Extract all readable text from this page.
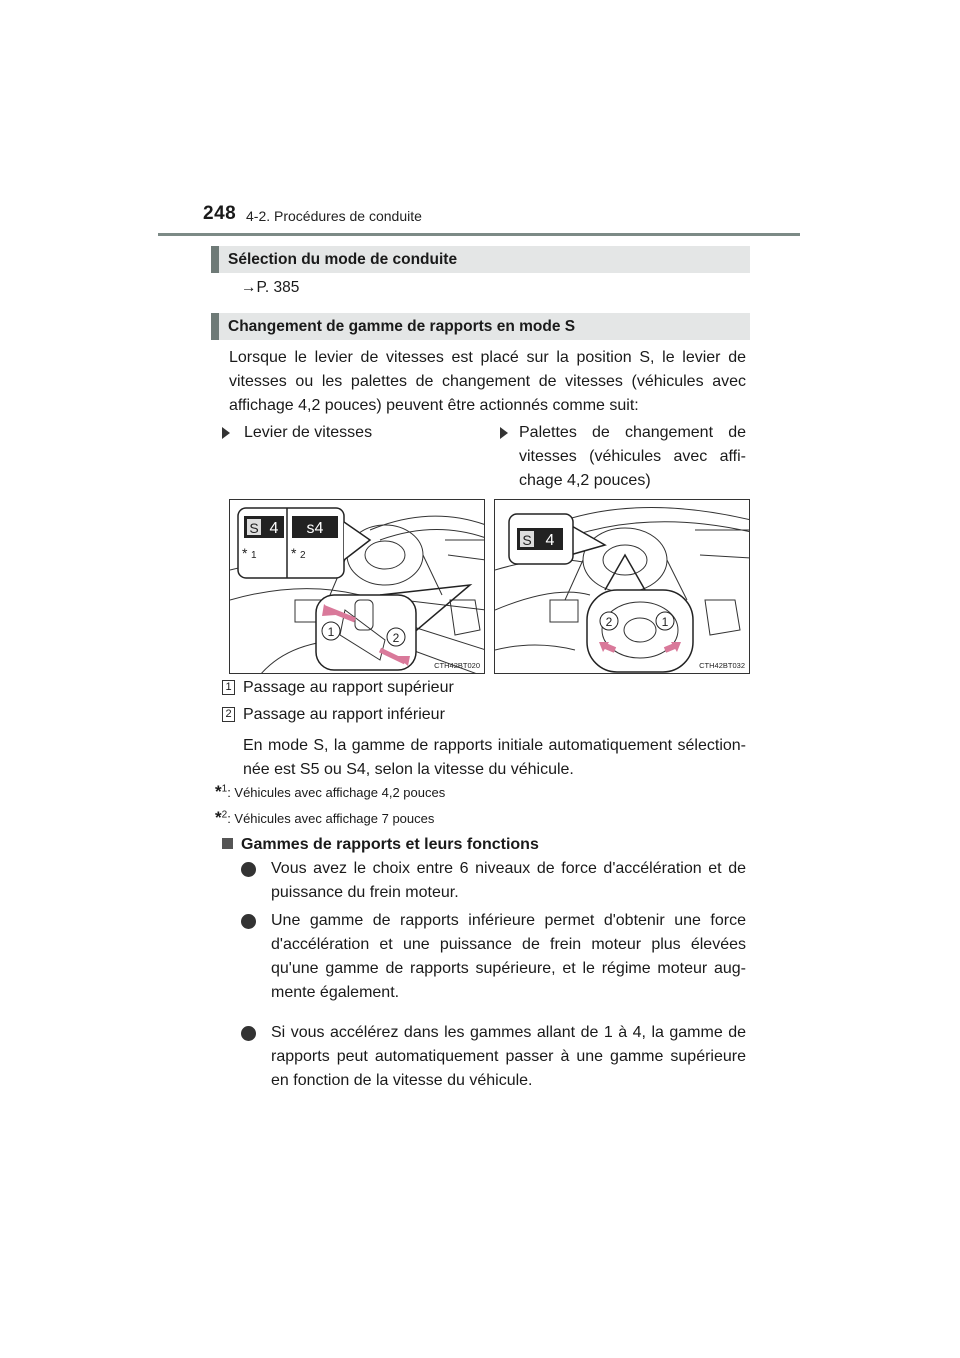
248 4-2. Procédures de conduite
Sélection du mode de conduite
→P. 385
Changement de gamme de rapports en mode S
Lorsque le levier de vitesses est placé sur la position S, le levier de vitesses ou les palettes de changement de vitesses (véhicules avec affichage 4,2 pouces) peuvent être actionnés comme suit:
Levier de vitesses	Palettes de changement de vitesses (véhicules avec affi-chage 4,2 pouces)
S 4 s4
* 1 * 2
1	2
CTH42BT020
S 4
2	1
CTH42BT032
1 Passage au rapport supérieur
2 Passage au rapport inférieur
En mode S, la gamme de rapports initiale automatiquement sélection-née est S5 ou S4, selon la vitesse du véhicule.
*$^1$: Véhicules avec affichage 4,2 pouces
*$^2$: Véhicules avec affichage 7 pouces
Gammes de rapports et leurs fonctions
Vous avez le choix entre 6 niveaux de force d'accélération et de puissance du frein moteur.
Une gamme de rapports inférieure permet d'obtenir une force d'accélération et une puissance de frein moteur plus élevées qu'une gamme de rapports supérieure, et le régime moteur aug-mente également.
Si vous accélérez dans les gammes allant de 1 à 4, la gamme de rapports peut automatiquement passer à une gamme supérieure en fonction de la vitesse du véhicule.
